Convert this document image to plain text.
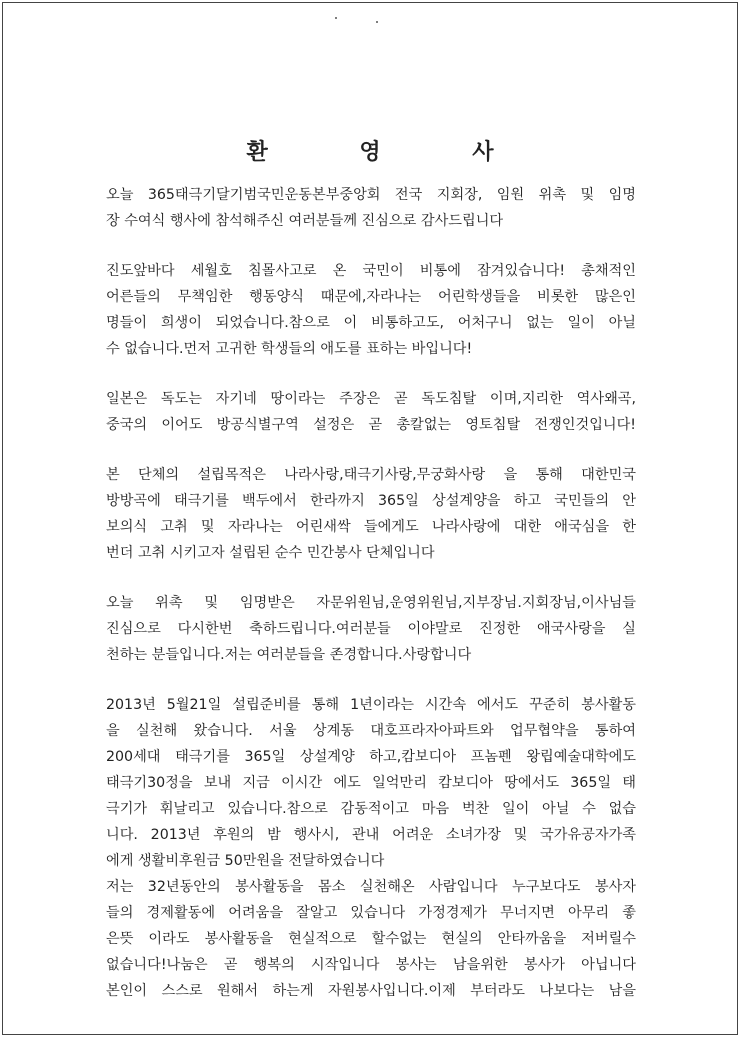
환 영 사
오늘 365태극기달기범국민운동본부중앙회 전국 지회장, 임원 위촉 및 임명
장 수여식 행사에 참석해주신 여러분들께 진심으로 감사드립니다
진도앞바다 세월호 침몰사고로 온 국민이 비통에 잠겨있습니다! 총채적인
어른들의 무책임한 행동양식 때문에,자라나는 어린학생들을 비롯한 많은인
명들이 희생이 되었습니다.참으로 이 비통하고도, 어처구니 없는 일이 아닐
수 없습니다.먼저 고귀한 학생들의 애도를 표하는 바입니다!
일본은 독도는 자기네 땅이라는 주장은 곧 독도침탈 이며,지리한 역사왜곡,
중국의 이어도 방공식별구역 설정은 곧 총칼없는 영토침탈 전쟁인것입니다!
본 단체의 설립목적은 나라사랑,태극기사랑,무궁화사랑 을 통해 대한민국
방방곡에 태극기를 백두에서 한라까지 365일 상설계양을 하고 국민들의 안
보의식 고취 및 자라나는 어린새싹 들에게도 나라사랑에 대한 애국심을 한
번더 고취 시키고자 설립된 순수 민간봉사 단체입니다
오늘 위촉 및 임명받은 자문위원님,운영위원님,지부장님.지회장님,이사님들
진심으로 다시한번 축하드립니다.여러분들 이야말로 진정한 애국사랑을 실
천하는 분들입니다.저는 여러분들을 존경합니다.사랑합니다
2013년 5월21일 설립준비를 통해 1년이라는 시간속 에서도 꾸준히 봉사활동
을 실천해 왔습니다. 서울 상계동 대호프라자아파트와 업무협약을 통하여
200세대 태극기를 365일 상설계양 하고,캄보디아 프놈펜 왕립예술대학에도
태극기30정을 보내 지금 이시간 에도 일억만리 캄보디아 땅에서도 365일 태
극기가 휘날리고 있습니다.참으로 감동적이고 마음 벅찬 일이 아닐 수 없습
니다. 2013년 후원의 밤 행사시, 관내 어려운 소녀가장 및 국가유공자가족
에게 생활비후원금 50만원을 전달하였습니다
저는 32년동안의 봉사활동을 몸소 실천해온 사람입니다 누구보다도 봉사자
들의 경제활동에 어려움을 잘알고 있습니다 가정경제가 무너지면 아무리 좋
은뜻 이라도 봉사활동을 현실적으로 할수없는 현실의 안타까움을 저버릴수
없습니다!나눔은 곧 행복의 시작입니다 봉사는 남을위한 봉사가 아닙니다
본인이 스스로 원해서 하는게 자원봉사입니다.이제 부터라도 나보다는 남을
